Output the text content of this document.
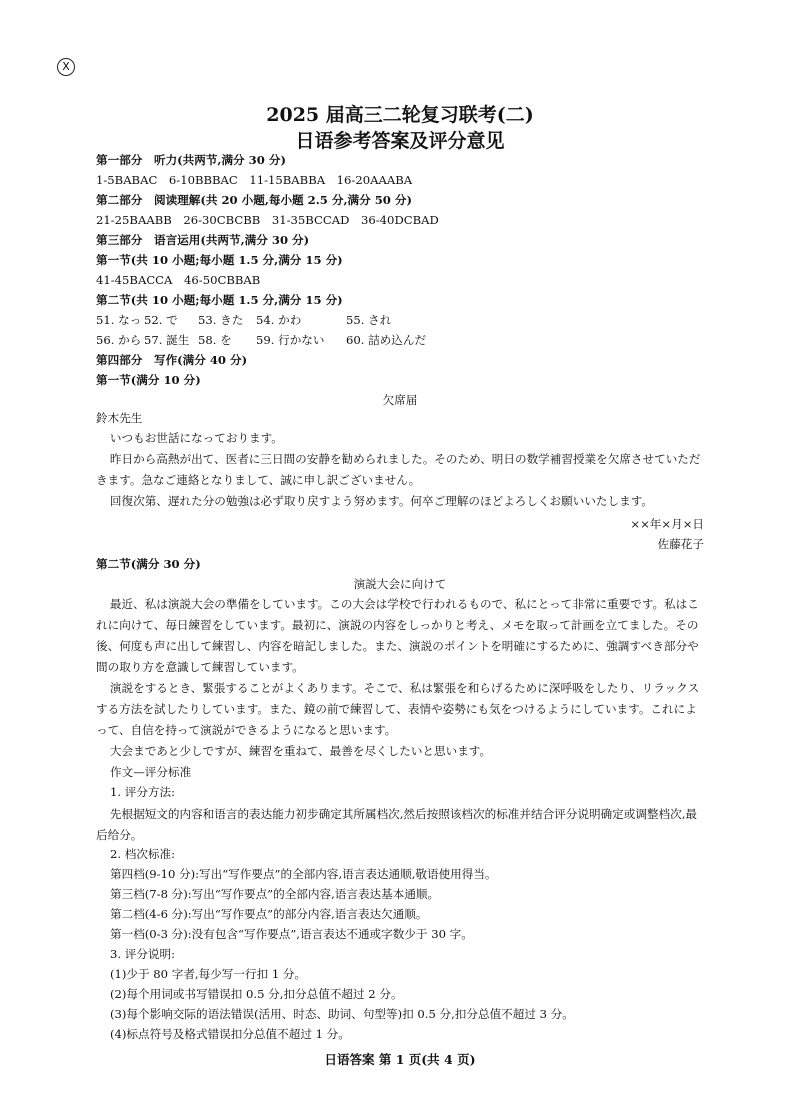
X
2025 届高三二轮复习联考(二)
日语参考答案及评分意见
第一部分　听力(共两节,满分 30 分)
1-5BABAC　6-10BBBAC　11-15BABBA　16-20AAABA
第二部分　阅读理解(共 20 小题,每小题 2.5 分,满分 50 分)
21-25BAABB　26-30CBCBB　31-35BCCAD　36-40DCBAD
第三部分　语言运用(共两节,满分 30 分)
第一节(共 10 小题;每小题 1.5 分,满分 15 分)
41-45BACCA　46-50CBBAB
第二节(共 10 小题;每小题 1.5 分,满分 15 分)
51. なっ 52. で 53. きた 54. かわ	55. され
56. から 57. 誕生 58. を 59. 行かない 60. 詰め込んだ
第四部分　写作(满分 40 分)
第一节(满分 10 分)
欠席届
鈴木先生
いつもお世話になっております。
昨日から高熱が出て、医者に三日間の安静を勧められました。そのため、明日の数学補習授業を欠席させていただきます。急なご連絡となりまして、誠に申し訳ございません。
回復次第、遅れた分の勉強は必ず取り戻すよう努めます。何卒ご理解のほどよろしくお願いいたします。
××年×月×日
佐藤花子
第二节(满分 30 分)
演説大会に向けて
最近、私は演説大会の準備をしています。この大会は学校で行われるもので、私にとって非常に重要です。私はこれに向けて、毎日練習をしています。最初に、演説の内容をしっかりと考え、メモを取って計画を立てました。その後、何度も声に出して練習し、内容を暗記しました。また、演説のポイントを明確にするために、強調すべき部分や間の取り方を意識して練習しています。
演説をするとき、緊張することがよくあります。そこで、私は緊張を和らげるために深呼吸をしたり、リラックスする方法を試したりしています。また、鏡の前で練習して、表情や姿勢にも気をつけるようにしています。これによって、自信を持って演説ができるようになると思います。
大会まであと少しですが、練習を重ねて、最善を尽くしたいと思います。
作文—评分标准
1. 评分方法:
先根据短文的内容和语言的表达能力初步确定其所属档次,然后按照该档次的标准并结合评分说明确定或调整档次,最后给分。
2. 档次标准:
第四档(9-10 分):写出“写作要点”的全部内容,语言表达通顺,敬语使用得当。
第三档(7-8 分):写出“写作要点”的全部内容,语言表达基本通顺。
第二档(4-6 分):写出“写作要点”的部分内容,语言表达欠通顺。
第一档(0-3 分):没有包含“写作要点”,语言表达不通或字数少于 30 字。
3. 评分说明:
(1)少于 80 字者,每少写一行扣 1 分。
(2)每个用词或书写错误扣 0.5 分,扣分总值不超过 2 分。
(3)每个影响交际的语法错误(活用、时态、助词、句型等)扣 0.5 分,扣分总值不超过 3 分。
(4)标点符号及格式错误扣分总值不超过 1 分。
日语答案 第 1 页(共 4 页)
